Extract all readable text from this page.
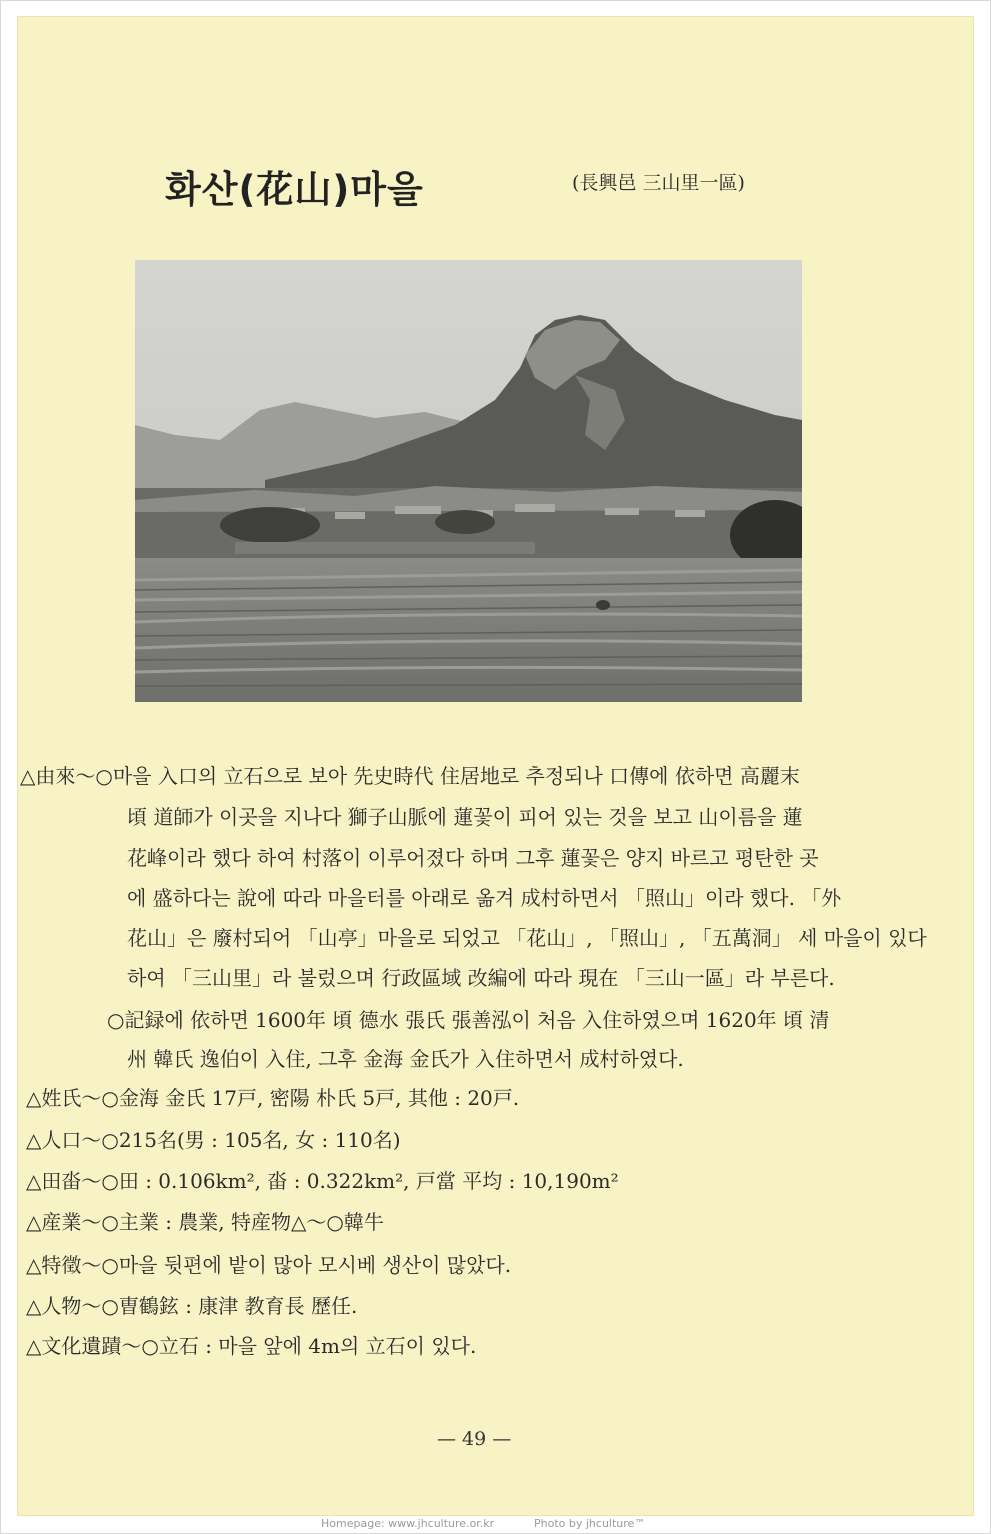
화산(花山)마을	(長興邑 三山里一區)
△由來～○마을 入口의 立石으로 보아 先史時代 住居地로 추정되나 口傳에 依하면 高麗末
頃 道師가 이곳을 지나다 獅子山脈에 蓮꽃이 피어 있는 것을 보고 山이름을 蓮
花峰이라 했다 하여 村落이 이루어졌다 하며 그후 蓮꽃은 양지 바르고 평탄한 곳
에 盛하다는 說에 따라 마을터를 아래로 옮겨 成村하면서 「照山」이라 했다. 「外
花山」은 廢村되어 「山亭」마을로 되었고 「花山」, 「照山」, 「五萬洞」 세 마을이 있다
하여 「三山里」라 불렀으며 行政區域 改編에 따라 現在 「三山一區」라 부른다.
○記録에 依하면 1600年 頃 德水 張氏 張善泓이 처음 入住하였으며 1620年 頃 清
州 韓氏 逸伯이 入住, 그후 金海 金氏가 入住하면서 成村하였다.
△姓氏～○金海 金氏 17戸, 密陽 朴氏 5戸, 其他 : 20戸.
△人口～○215名(男 : 105名, 女 : 110名)
△田畓～○田 : 0.106km², 畓 : 0.322km², 戸當 平均 : 10,190m²
△産業～○主業 : 農業, 特産物△～○韓牛
△特徵～○마을 뒷편에 밭이 많아 모시베 생산이 많았다.
△人物～○曺鶴鉉 : 康津 教育長 歷任.
△文化遺蹟～○立石 : 마을 앞에 4m의 立石이 있다.
— 49 —
Homepage: www.jhculture.or.kr	Photo by jhculture™
